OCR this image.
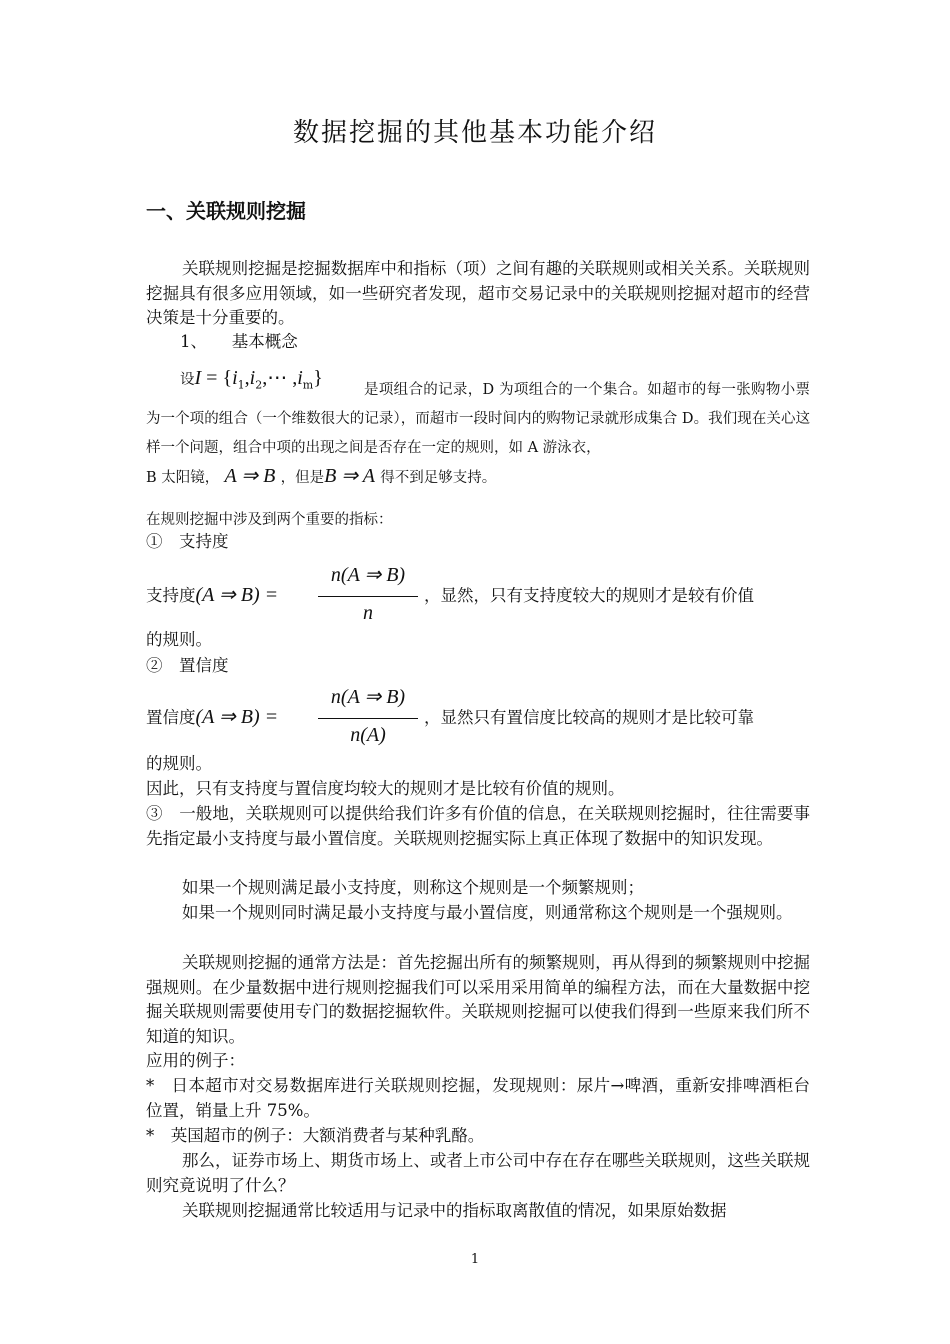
数据挖掘的其他基本功能介绍
一、关联规则挖掘
关联规则挖掘是挖掘数据库中和指标（项）之间有趣的关联规则或相关关系。关联规则挖掘具有很多应用领域，如一些研究者发现，超市交易记录中的关联规则挖掘对超市的经营决策是十分重要的。
1、　　基本概念
设$I = \{i_1,i_2,\cdots$ $,i_m$}
是项组合的记录，D 为项组合的一个集合。如超市的每一张购物小票为一个项的组合（一个维数很大的记录），而超市一段时间内的购物记录就形成集合 D。我们现在关心这样一个问题，组合中项的出现之间是否存在一定的规则，如 A 游泳衣，
B 太阳镜， A ⇒ B ，但是B ⇒ A 得不到足够支持。
在规则挖掘中涉及到两个重要的指标：
①　支持度
支持度(A ⇒ B) =
n(A ⇒ B)
n
，显然，只有支持度较大的规则才是较有价值
的规则。
②　置信度
置信度(A ⇒ B) =
n(A ⇒ B)
n(A)
，显然只有置信度比较高的规则才是比较可靠
的规则。
因此，只有支持度与置信度均较大的规则才是比较有价值的规则。
③　一般地，关联规则可以提供给我们许多有价值的信息，在关联规则挖掘时，往往需要事先指定最小支持度与最小置信度。关联规则挖掘实际上真正体现了数据中的知识发现。
如果一个规则满足最小支持度，则称这个规则是一个频繁规则；
如果一个规则同时满足最小支持度与最小置信度，则通常称这个规则是一个强规则。
关联规则挖掘的通常方法是：首先挖掘出所有的频繁规则，再从得到的频繁规则中挖掘强规则。在少量数据中进行规则挖掘我们可以采用采用简单的编程方法，而在大量数据中挖掘关联规则需要使用专门的数据挖掘软件。关联规则挖掘可以使我们得到一些原来我们所不知道的知识。
应用的例子：
*　日本超市对交易数据库进行关联规则挖掘，发现规则：尿片→啤酒，重新安排啤酒柜台位置，销量上升 75%。
*　英国超市的例子：大额消费者与某种乳酪。
那么，证券市场上、期货市场上、或者上市公司中存在存在哪些关联规则，这些关联规则究竟说明了什么？
关联规则挖掘通常比较适用与记录中的指标取离散值的情况，如果原始数据
1
